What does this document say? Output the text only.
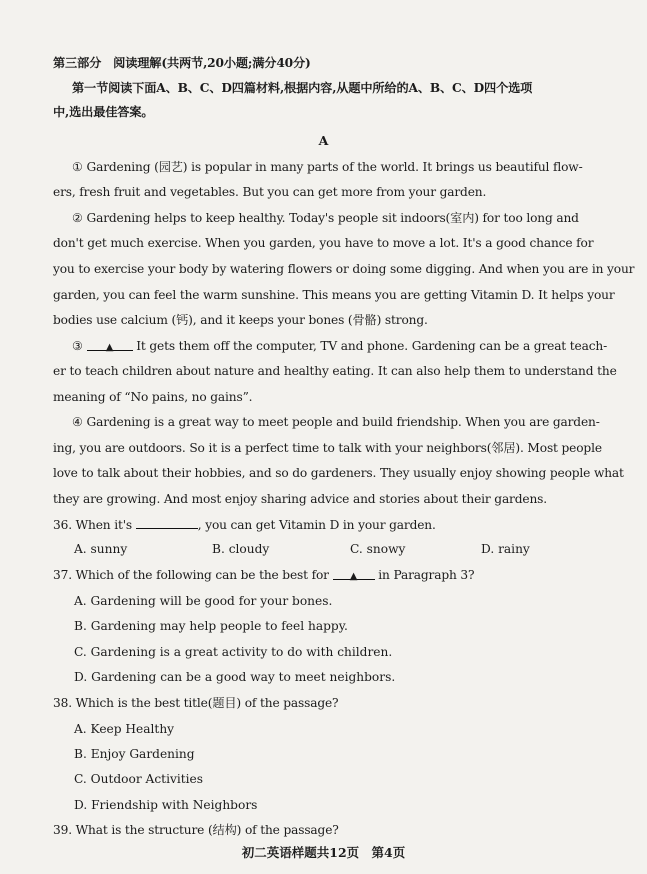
第三部分　阅读理解(共两节,20小题;满分40分)
第一节阅读下面A、B、C、D四篇材料,根据内容,从题中所给的A、B、C、D四个选项
中,选出最佳答案。
A
① Gardening (园艺) is popular in many parts of the world. It brings us beautiful flow-
ers, fresh fruit and vegetables. But you can get more from your garden.
② Gardening helps to keep healthy. Today's people sit indoors(室内) for too long and
don't get much exercise. When you garden, you have to move a lot. It's a good chance for
you to exercise your body by watering flowers or doing some digging. And when you are in your
garden, you can feel the warm sunshine. This means you are getting Vitamin D. It helps your
bodies use calcium (钙), and it keeps your bones (骨骼) strong.
③ ▲ It gets them off the computer, TV and phone. Gardening can be a great teach-
er to teach children about nature and healthy eating. It can also help them to understand the
meaning of “No pains, no gains”.
④ Gardening is a great way to meet people and build friendship. When you are garden-
ing, you are outdoors. So it is a perfect time to talk with your neighbors(邻居). Most people
love to talk about their hobbies, and so do gardeners. They usually enjoy showing people what
they are growing. And most enjoy sharing advice and stories about their gardens.
36. When it's	, you can get Vitamin D in your garden.
A. sunny	B. cloudy	C. snowy	D. rainy
37. Which of the following can be the best for ▲ in Paragraph 3?
A. Gardening will be good for your bones.
B. Gardening may help people to feel happy.
C. Gardening is a great activity to do with children.
D. Gardening can be a good way to meet neighbors.
38. Which is the best title(题目) of the passage?
A. Keep Healthy
B. Enjoy Gardening
C. Outdoor Activities
D. Friendship with Neighbors
39. What is the structure (结构) of the passage?
初二英语样题共12页 第4页
